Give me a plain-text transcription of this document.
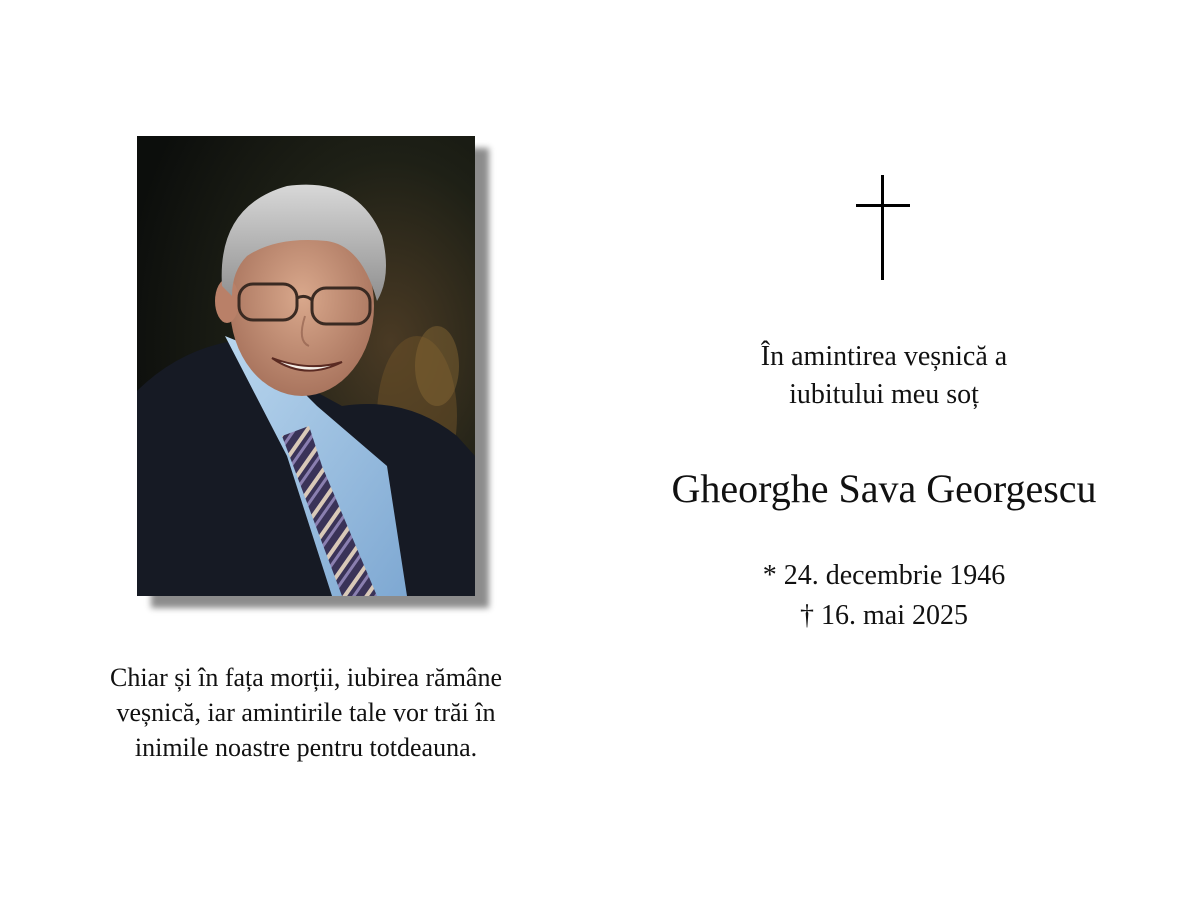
Chiar și în fața morții, iubirea rămâne
veșnică, iar amintirile tale vor trăi în
inimile noastre pentru totdeauna.
În amintirea veșnică a
iubitului meu soț
Gheorghe Sava Georgescu
* 24. decembrie 1946
† 16. mai 2025
